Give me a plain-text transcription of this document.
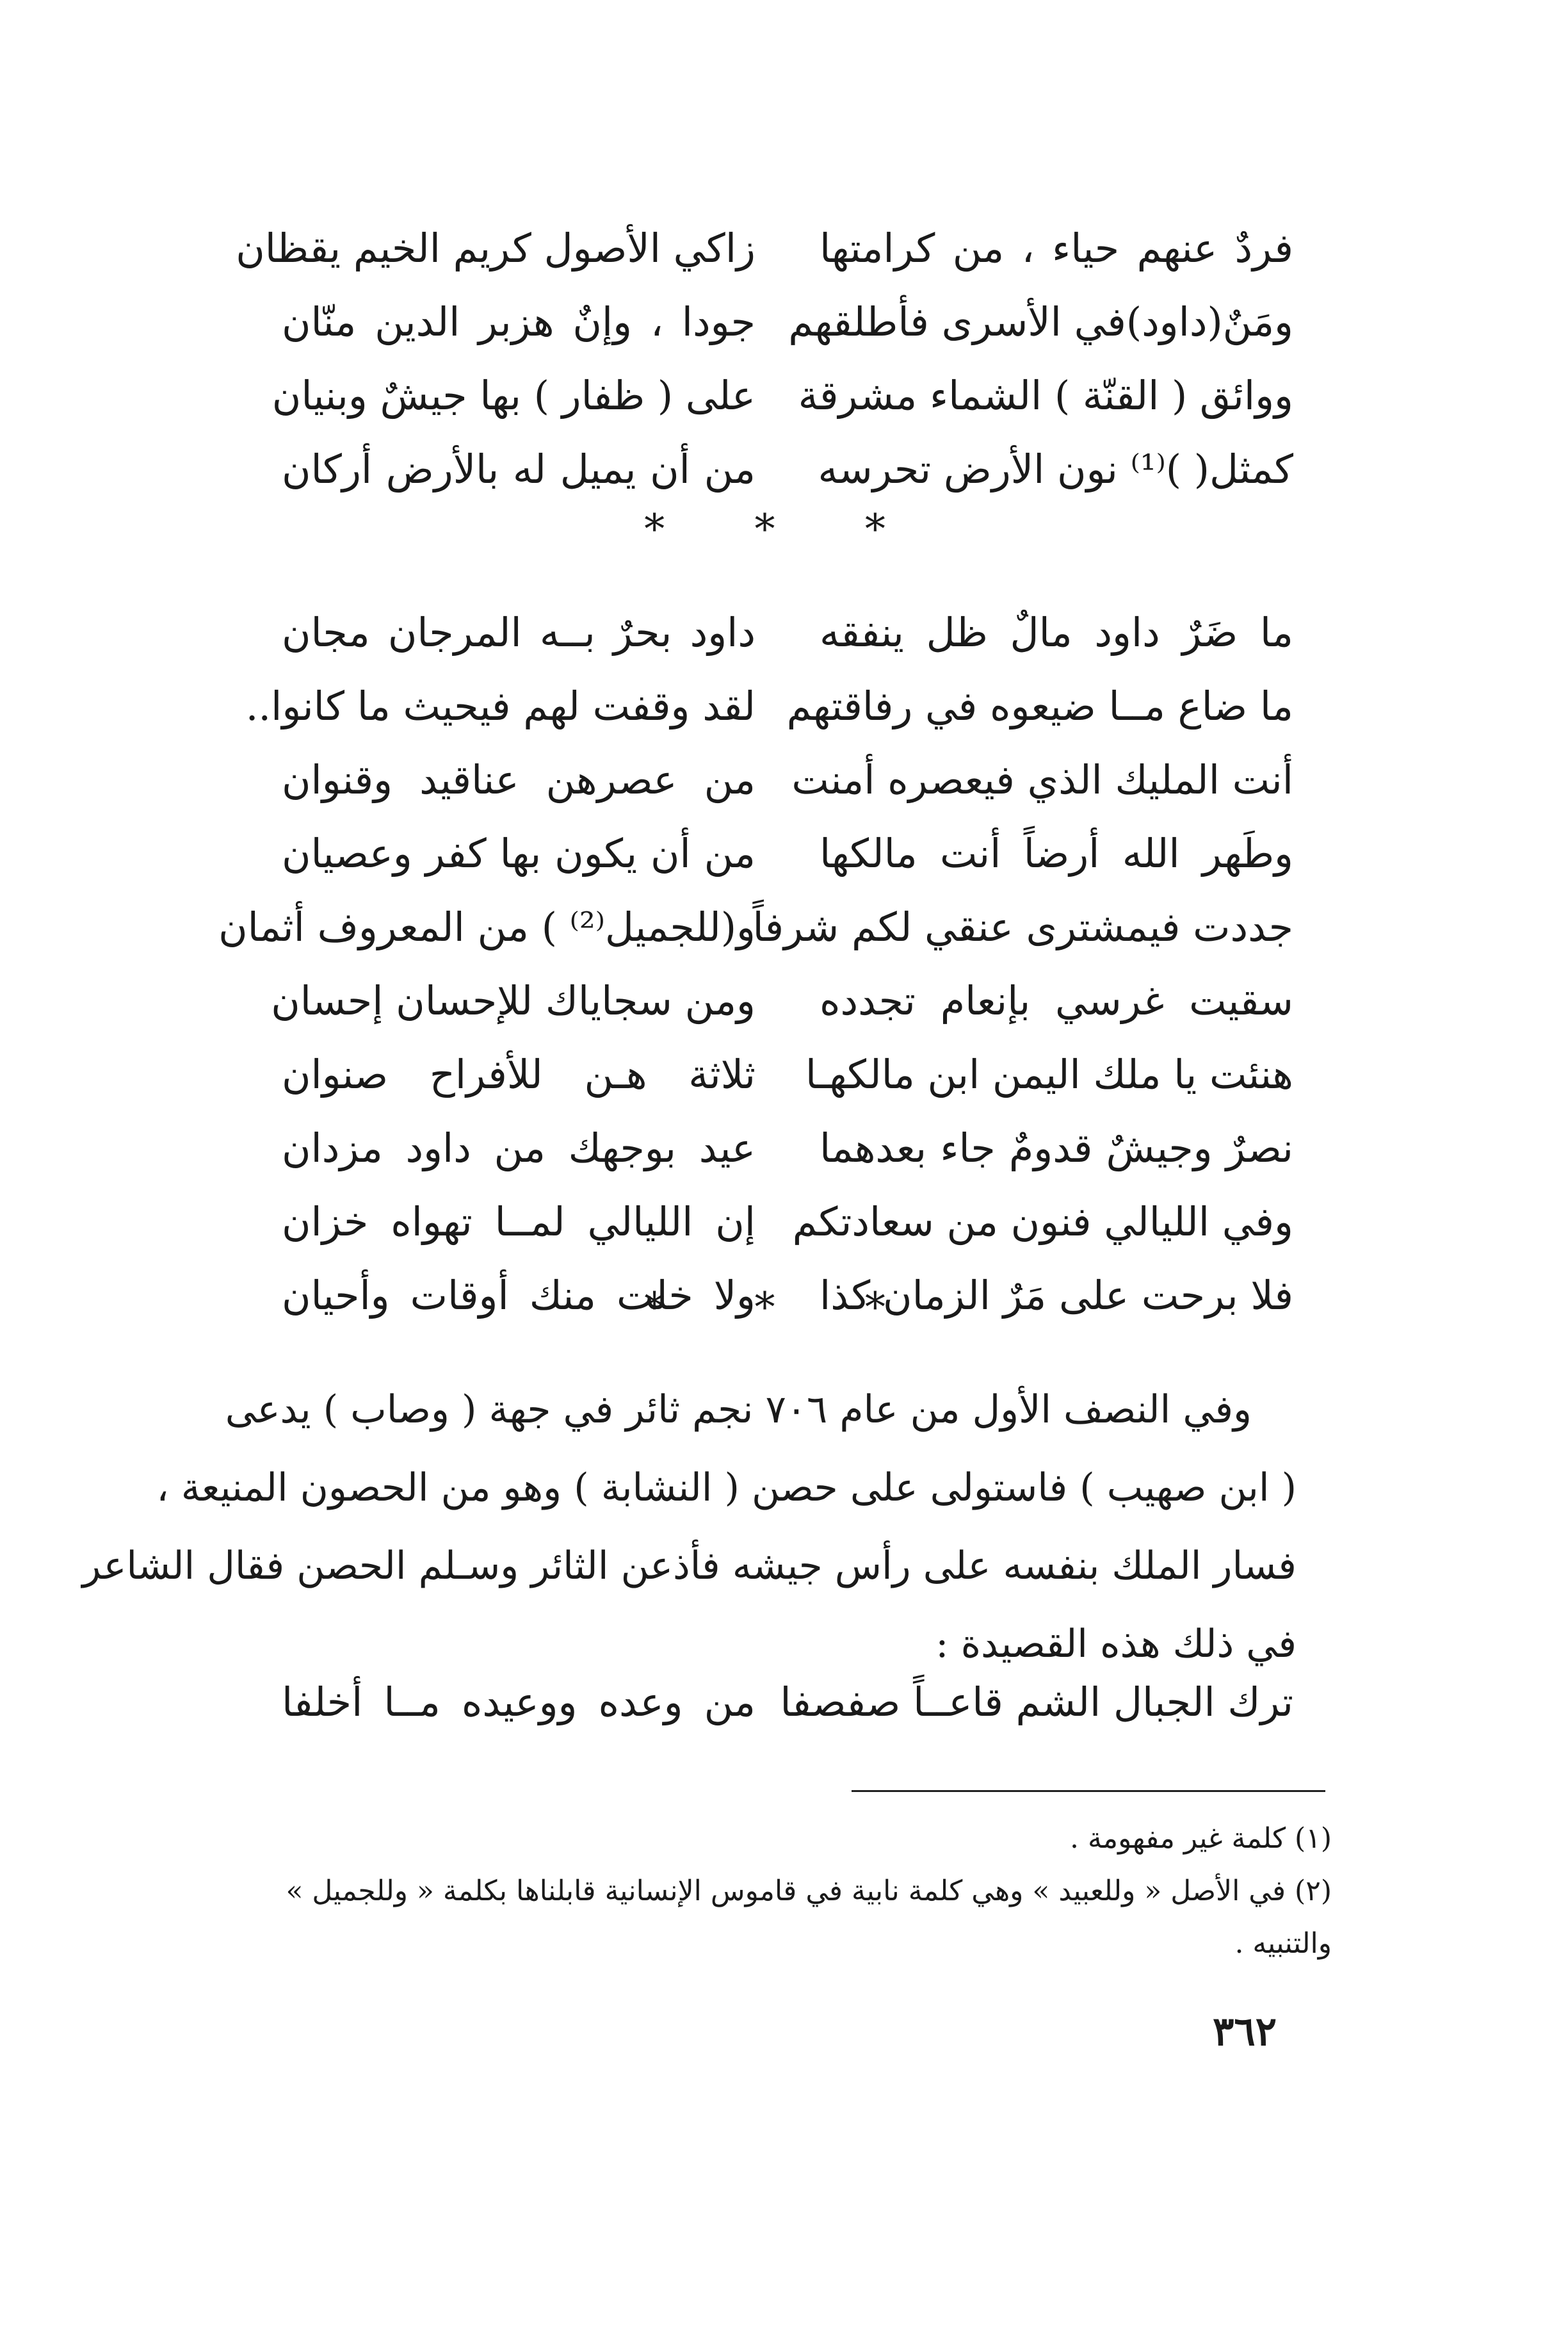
فردٌ عنهم حياء ، من كرامتها
زاكي الأصول كريم الخيم يقظان
ومَنٌ(داود)في الأسرى فأطلقهم
جودا ، وإنٌ هزبر الدين منّان
ووائق ( القنّة ) الشماء مشرقة
على ( ظفار ) بها جيشٌ وبنيان
كمثل( )⁽¹⁾ نون الأرض تحرسه
من أن يميل له بالأرض أركان
* * *
ما ضَرٌ داود مالٌ ظل ينفقه
داود بحرٌ بــه المرجان مجان
ما ضاع مــا ضيعوه في رفاقتهم
لقد وقفت لهم فيحيث ما كانوا..
أنت المليك الذي فيعصره أمنت
من عصرهن عناقيد وقنوان
وطَهر الله أرضاً أنت مالكها
من أن يكون بها كفر وعصيان
جددت فيمشترى عنقي لكم شرفاً
و(للجميل⁽²⁾ ) من المعروف أثمان
سقيت غرسي بإنعام تجدده
ومن سجاياك للإحسان إحسان
هنئت يا ملك اليمن ابن مالكهـا
ثلاثة هـن للأفراح صنوان
نصرٌ وجيشٌ قدومٌ جاء بعدهما
عيد بوجهك من داود مزدان
وفي الليالي فنون من سعادتكم
إن الليالي لمــا تهواه خزان
فلا برحت على مَرٌ الزمان كذا
ولا خلت منك أوقات وأحيان
* * *
وفي النصف الأول من عام ٧٠٦ نجم ثائر في جهة ( وصاب ) يدعى
( ابن صهيب ) فاستولى على حصن ( النشابة ) وهو من الحصون المنيعة ،
فسار الملك بنفسه على رأس جيشه فأذعن الثائر وسـلم الحصن فقال الشاعر
في ذلك هذه القصيدة :
ترك الجبال الشم قاعــاً صفصفا
من وعده ووعيده مــا أخلفا
(١) كلمة غير مفهومة .
(٢) في الأصل « وللعبيد » وهي كلمة نابية في قاموس الإنسانية قابلناها بكلمة « وللجميل »
والتنبيه .
٣٦٢
